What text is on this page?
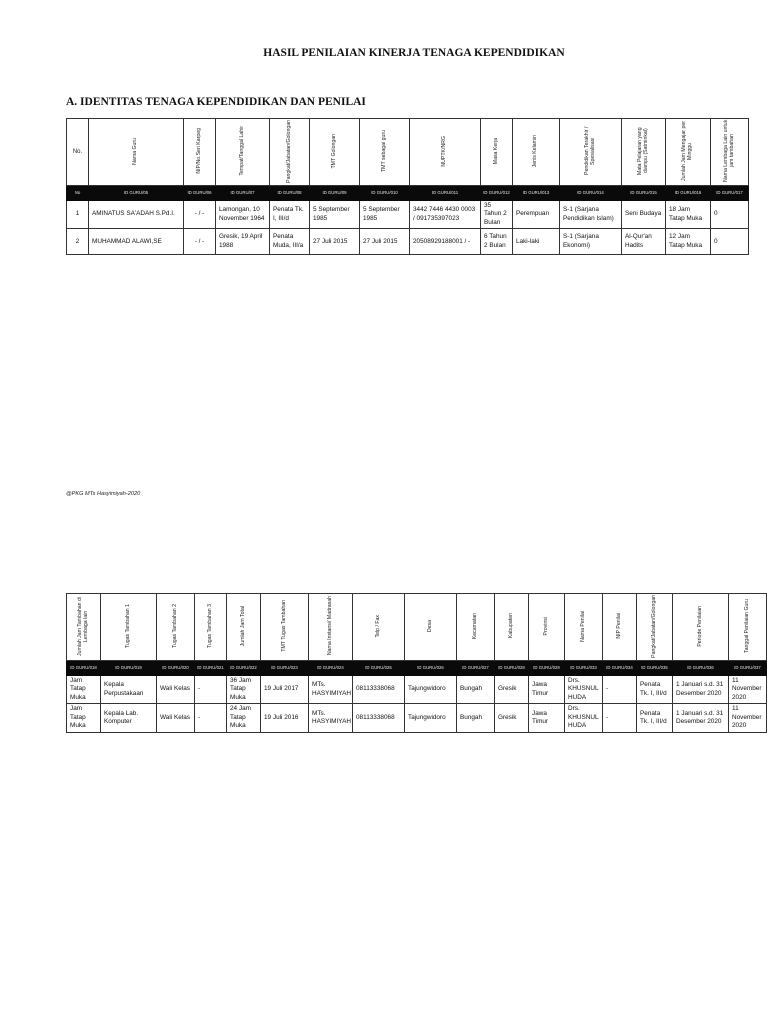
HASIL PENILAIAN KINERJA TENAGA KEPENDIDIKAN
A. IDENTITAS TENAGA KEPENDIDIKAN DAN PENILAI
No.	Nama Guru	NIP/No.Seri Karpeg	Tempat/Tanggal Lahir	Pangkat/Jabatan/Golongan	TMT Golongan	TMT sebagai guru	NUPTK/NRG	Masa Kerja	Jenis Kelamin	Pendidikan Terakhir / Spesialisasi	Mata Pelajaran yang diampu (Satminkal)	Jumlah Jam Mengajar per Minggu	Nama Lembaga Lain untuk jam tambahan
No	ID GURU/05	ID GURU/06	ID GURU/07	ID GURU/08	ID GURU/09	ID GURU/010	ID GURU/011	ID GURU/012	ID GURU/013	ID GURU/014	ID GURU/015	ID GURU/016	ID GURU/017
1	AMINATUS SA'ADAH S.Pd.I.	- / -	Lamongan, 10 November 1964	Penata Tk. I, III/d	5 September 1985	5 September 1985	3442 7446 4430 0003 / 091735397023	35 Tahun 2 Bulan	Perempuan	S-1 (Sarjana Pendidikan Islam)	Seni Budaya	18 Jam Tatap Muka	0
2	MUHAMMAD ALAWI,SE	- / -	Gresik, 19 April 1988	Penata Muda, III/a	27 Juli 2015	27 Juli 2015	20508929188001 / -	6 Tahun 2 Bulan	Laki-laki	S-1 (Sarjana Ekonomi)	Al-Qur'an Hadits	12 Jam Tatap Muka	0
@PKG MTs Hasyimiyah-2020
Jumlah Jam Tambahan di Lembaga lain	Tugas Tambahan 1	Tugas Tambahan 2	Tugas Tambahan 3	Jumlah Jam Total	TMT Tugas Tambahan	Nama Instansi/ Madrasah	Telp / Fax	Desa	Kecamatan	Kabupaten	Provinsi	Nama Penilai	NIP Penilai	Pangkat/Jabatan/Golongan	Periode Penilaian	Tanggal Penilaian Guru
ID GURU/018	ID GURU/019	ID GURU/020	ID GURU/021	ID GURU/022	ID GURU/023	ID GURU/024	ID GURU/025	ID GURU/026	ID GURU/027	ID GURU/028	ID GURU/029	ID GURU/033	ID GURU/034	ID GURU/035	ID GURU/036	ID GURU/037
Jam Tatap Muka	Kepala Perpustakaan	Wali Kelas	-	36 Jam Tatap Muka	19 Juli 2017	MTs. HASYIMIYAH	08113338068	Tajungwidoro	Bungah	Gresik	Jawa Timur	Drs. KHUSNUL HUDA	-	Penata Tk. I, III/d	1 Januari s.d. 31 Desember 2020	11 November 2020
Jam Tatap Muka	Kepala Lab. Komputer	Wali Kelas	-	24 Jam Tatap Muka	19 Juli 2016	MTs. HASYIMIYAH	08113338068	Tajungwidoro	Bungah	Gresik	Jawa Timur	Drs. KHUSNUL HUDA	-	Penata Tk. I, III/d	1 Januari s.d. 31 Desember 2020	11 November 2020
